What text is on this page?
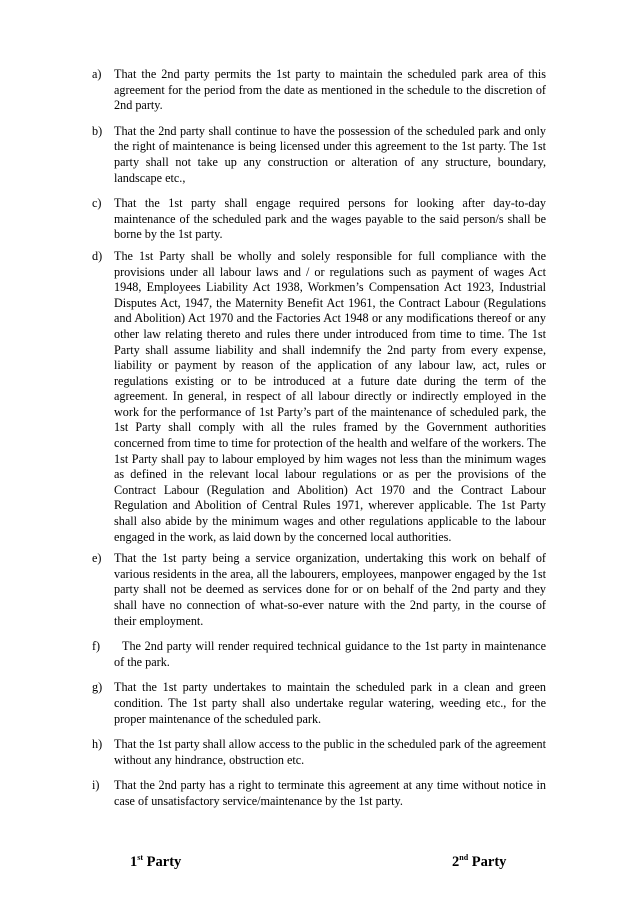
a)	That the 2nd party permits the 1st party to maintain the scheduled park area of this agreement for the period from the date as mentioned in the schedule to the discretion of 2nd party.
b) That the 2nd party shall continue to have the possession of the scheduled park and only the right of maintenance is being licensed under this agreement to the 1st party. The 1st party shall not take up any construction or alteration of any structure, boundary, landscape etc.,
c)	That the 1st party shall engage required persons for looking after day-to-day maintenance of the scheduled park and the wages payable to the said person/s shall be borne by the 1st party.
d) The 1st Party shall be wholly and solely responsible for full compliance with the provisions under all labour laws and / or regulations such as payment of wages Act 1948, Employees Liability Act 1938, Workmen’s Compensation Act 1923, Industrial Disputes Act, 1947, the Maternity Benefit Act 1961, the Contract Labour (Regulations and Abolition) Act 1970 and the Factories Act 1948 or any modifications thereof or any other law relating thereto and rules there under introduced from time to time. The 1st Party shall assume liability and shall indemnify the 2nd party from every expense, liability or payment by reason of the application of any labour law, act, rules or regulations existing or to be introduced at a future date during the term of the agreement. In general, in respect of all labour directly or indirectly employed in the work for the performance of 1st Party’s part of the maintenance of scheduled park, the 1st Party shall comply with all the rules framed by the Government authorities concerned from time to time for protection of the health and welfare of the workers. The 1st Party shall pay to labour employed by him wages not less than the minimum wages as defined in the relevant local labour regulations or as per the provisions of the Contract Labour (Regulation and Abolition) Act 1970 and the Contract Labour Regulation and Abolition of Central Rules 1971, wherever applicable. The 1st Party shall also abide by the minimum wages and other regulations applicable to the labour engaged in the work, as laid down by the concerned local authorities.
e)	That the 1st party being a service organization, undertaking this work on behalf of various residents in the area, all the labourers, employees, manpower engaged by the 1st party shall not be deemed as services done for or on behalf of the 2nd party and they shall have no connection of what-so-ever nature with the 2nd party, in the course of their employment.
f)	The 2nd party will render required technical guidance to the 1st party in maintenance of the park.
g) That the 1st party undertakes to maintain the scheduled park in a clean and green condition. The 1st party shall also undertake regular watering, weeding etc., for the proper maintenance of the scheduled park.
h) That the 1st party shall allow access to the public in the scheduled park of the agreement without any hindrance, obstruction etc.
i)	That the 2nd party has a right to terminate this agreement at any time without notice in case of unsatisfactory service/maintenance by the 1st party.
1st Party	2nd Party
